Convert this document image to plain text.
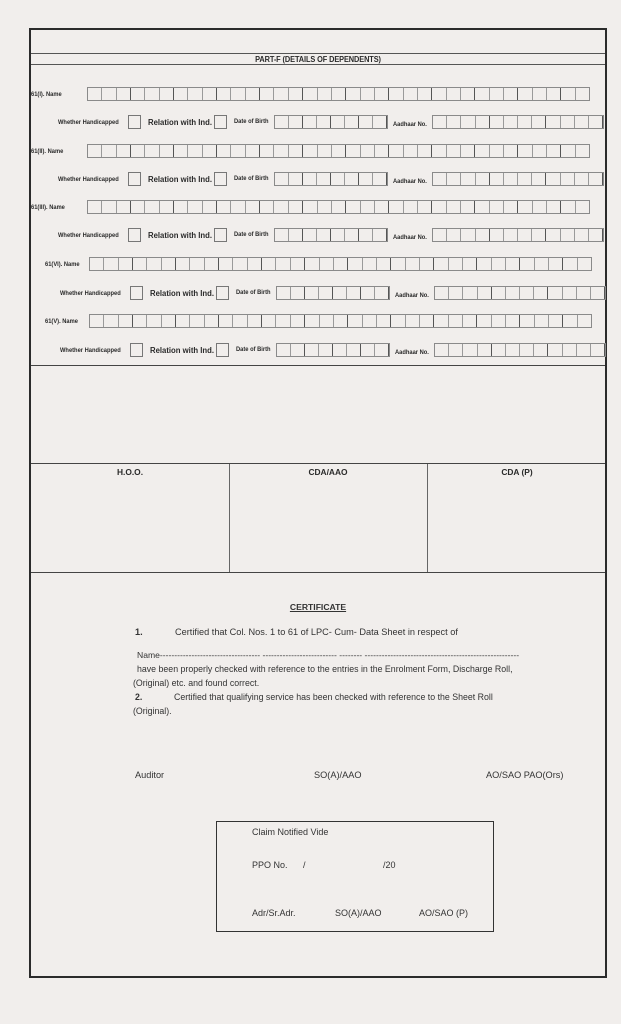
PART-F (DETAILS OF DEPENDENTS)
61(I). Name
Whether Handicapped	Relation with Ind.	Date of Birth	Aadhaar No.
61(II). Name
Whether Handicapped	Relation with Ind.	Date of Birth	Aadhaar No.
61(III). Name
Whether Handicapped	Relation with Ind.	Date of Birth	Aadhaar No.
61(VI). Name
Whether Handicapped	Relation with Ind.	Date of Birth	Aadhaar No.
61(V). Name
Whether Handicapped	Relation with Ind.	Date of Birth	Aadhaar No.
H.O.O.	CDA/AAO	CDA (P)
CERTIFICATE
1.	Certified that Col. Nos. 1 to 61 of LPC- Cum- Data Sheet in respect of
Name----------------------------------- -------------------------- -------- ------------------------------------------------------
have been properly checked with reference to the entries in the Enrolment Form, Discharge Roll,
(Original) etc. and found correct.
2.	Certified that qualifying service has been checked with reference to the Sheet Roll
(Original).
Auditor	SO(A)/AAO	AO/SAO PAO(Ors)
Claim Notified Vide
PPO No. /	/20
Adr/Sr.Adr.	SO(A)/AAO	AO/SAO (P)
